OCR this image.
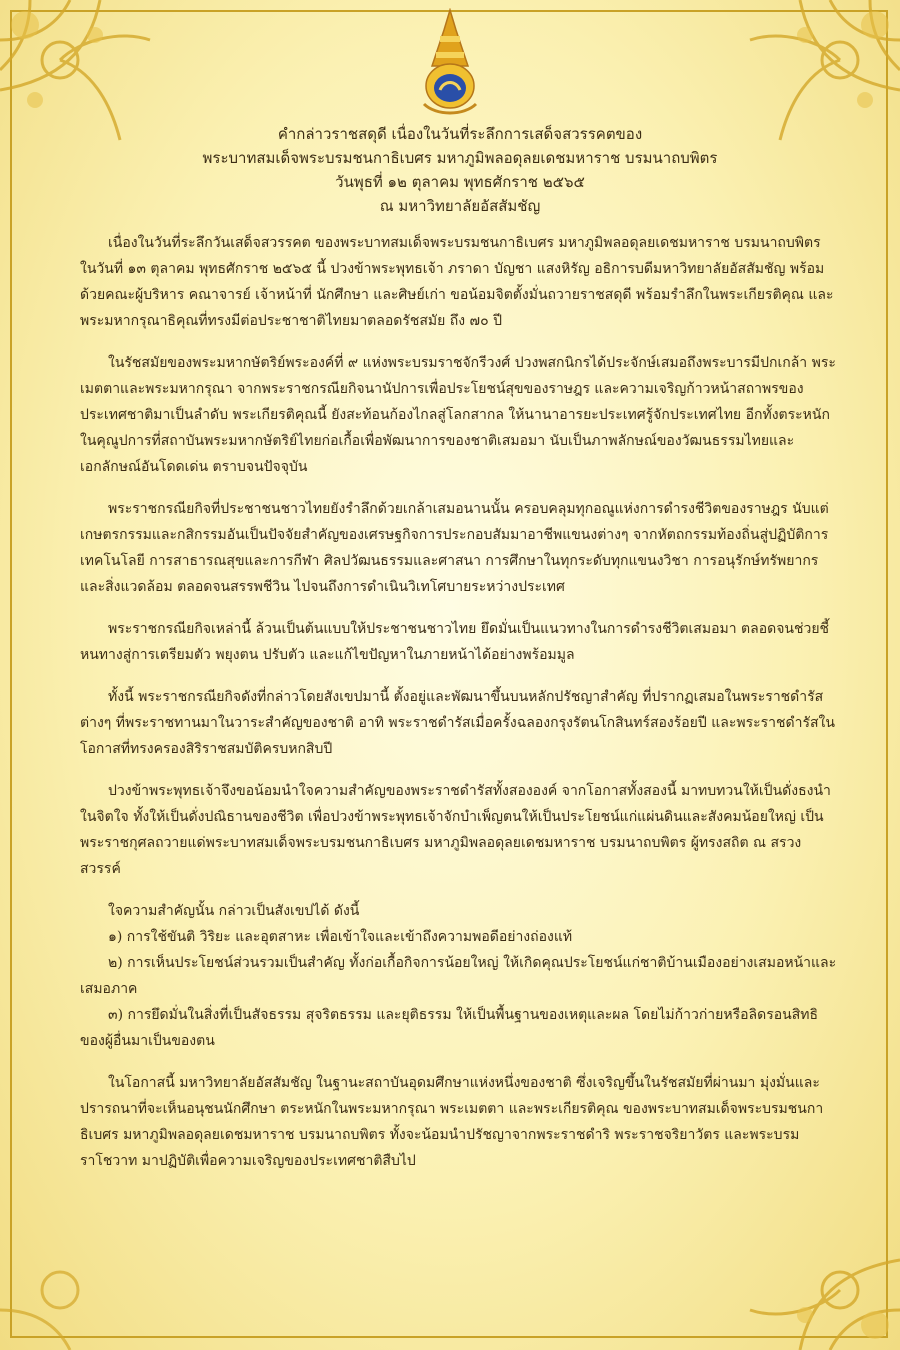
คำกล่าวราชสดุดี เนื่องในวันที่ระลึกการเสด็จสวรรคตของ
พระบาทสมเด็จพระบรมชนกาธิเบศร มหาภูมิพลอดุลยเดชมหาราช บรมนาถบพิตร
วันพุธที่ ๑๒ ตุลาคม พุทธศักราช ๒๕๖๕
ณ มหาวิทยาลัยอัสสัมชัญ

เนื่องในวันที่ระลึกวันเสด็จสวรรคต ของพระบาทสมเด็จพระบรมชนกาธิเบศร มหาภูมิพลอดุลยเดชมหาราช บรมนาถบพิตร ในวันที่ ๑๓ ตุลาคม พุทธศักราช ๒๕๖๕ นี้ ปวงข้าพระพุทธเจ้า ภราดา บัญชา แสงหิรัญ อธิการบดีมหาวิทยาลัยอัสสัมชัญ พร้อมด้วยคณะผู้บริหาร คณาจารย์ เจ้าหน้าที่ นักศึกษา และศิษย์เก่า ขอน้อมจิตตั้งมั่นถวายราชสดุดี พร้อมรำลึกในพระเกียรติคุณ และพระมหากรุณาธิคุณที่ทรงมีต่อประชาชาติไทยมาตลอดรัชสมัย ถึง ๗๐ ปี

ในรัชสมัยของพระมหากษัตริย์พระองค์ที่ ๙ แห่งพระบรมราชจักรีวงศ์ ปวงพสกนิกรได้ประจักษ์เสมอถึงพระบารมีปกเกล้า พระเมตตาและพระมหากรุณา จากพระราชกรณียกิจนานัปการเพื่อประโยชน์สุขของราษฎร และความเจริญก้าวหน้าสถาพรของประเทศชาติมาเป็นลำดับ พระเกียรติคุณนี้ ยังสะท้อนก้องไกลสู่โลกสากล ให้นานาอารยะประเทศรู้จักประเทศไทย อีกทั้งตระหนักในคุณูปการที่สถาบันพระมหากษัตริย์ไทยก่อเกื้อเพื่อพัฒนาการของชาติเสมอมา นับเป็นภาพลักษณ์ของวัฒนธรรมไทยและเอกลักษณ์อันโดดเด่น ตราบจนปัจจุบัน

พระราชกรณียกิจที่ประชาชนชาวไทยยังรำลึกด้วยเกล้าเสมอนานนั้น ครอบคลุมทุกอณูแห่งการดำรงชีวิตของราษฎร นับแต่เกษตรกรรมและกสิกรรมอันเป็นปัจจัยสำคัญของเศรษฐกิจการประกอบสัมมาอาชีพแขนงต่างๆ จากหัตถกรรมท้องถิ่นสู่ปฏิบัติการเทคโนโลยี การสาธารณสุขและการกีฬา ศิลปวัฒนธรรมและศาสนา การศึกษาในทุกระดับทุกแขนงวิชา การอนุรักษ์ทรัพยากรและสิ่งแวดล้อม ตลอดจนสรรพชีวิน ไปจนถึงการดำเนินวิเทโศบายระหว่างประเทศ

พระราชกรณียกิจเหล่านี้ ล้วนเป็นต้นแบบให้ประชาชนชาวไทย ยึดมั่นเป็นแนวทางในการดำรงชีวิตเสมอมา ตลอดจนช่วยชี้หนทางสู่การเตรียมตัว พยุงตน ปรับตัว และแก้ไขปัญหาในภายหน้าได้อย่างพร้อมมูล

ทั้งนี้ พระราชกรณียกิจดังที่กล่าวโดยสังเขปมานี้ ตั้งอยู่และพัฒนาขึ้นบนหลักปรัชญาสำคัญ ที่ปรากฏเสมอในพระราชดำรัสต่างๆ ที่พระราชทานมาในวาระสำคัญของชาติ อาทิ พระราชดำรัสเมื่อครั้งฉลองกรุงรัตนโกสินทร์สองร้อยปี และพระราชดำรัสในโอกาสที่ทรงครองสิริราชสมบัติครบหกสิบปี

ปวงข้าพระพุทธเจ้าจึงขอน้อมนำใจความสำคัญของพระราชดำรัสทั้งสององค์ จากโอกาสทั้งสองนี้ มาทบทวนให้เป็นดั่งธงนำในจิตใจ ทั้งให้เป็นดั่งปณิธานของชีวิต เพื่อปวงข้าพระพุทธเจ้าจักบำเพ็ญตนให้เป็นประโยชน์แก่แผ่นดินและสังคมน้อยใหญ่ เป็นพระราชกุศลถวายแด่พระบาทสมเด็จพระบรมชนกาธิเบศร มหาภูมิพลอดุลยเดชมหาราช บรมนาถบพิตร ผู้ทรงสถิต ณ สรวงสวรรค์

ใจความสำคัญนั้น กล่าวเป็นสังเขปได้ ดังนี้
๑) การใช้ขันติ วิริยะ และอุตสาหะ เพื่อเข้าใจและเข้าถึงความพอดีอย่างถ่องแท้
๒) การเห็นประโยชน์ส่วนรวมเป็นสำคัญ ทั้งก่อเกื้อกิจการน้อยใหญ่ ให้เกิดคุณประโยชน์แก่ชาติบ้านเมืองอย่างเสมอหน้าและเสมอภาค
๓) การยึดมั่นในสิ่งที่เป็นสัจธรรม สุจริตธรรม และยุติธรรม ให้เป็นพื้นฐานของเหตุและผล โดยไม่ก้าวก่ายหรือลิดรอนสิทธิของผู้อื่นมาเป็นของตน

ในโอกาสนี้ มหาวิทยาลัยอัสสัมชัญ ในฐานะสถาบันอุดมศึกษาแห่งหนึ่งของชาติ ซึ่งเจริญขึ้นในรัชสมัยที่ผ่านมา มุ่งมั่นและปรารถนาที่จะเห็นอนุชนนักศึกษา ตระหนักในพระมหากรุณา พระเมตตา และพระเกียรติคุณ ของพระบาทสมเด็จพระบรมชนกาธิเบศร มหาภูมิพลอดุลยเดชมหาราช บรมนาถบพิตร ทั้งจะน้อมนำปรัชญาจากพระราชดำริ พระราชจริยาวัตร และพระบรมราโชวาท มาปฏิบัติเพื่อความเจริญของประเทศชาติสืบไป
